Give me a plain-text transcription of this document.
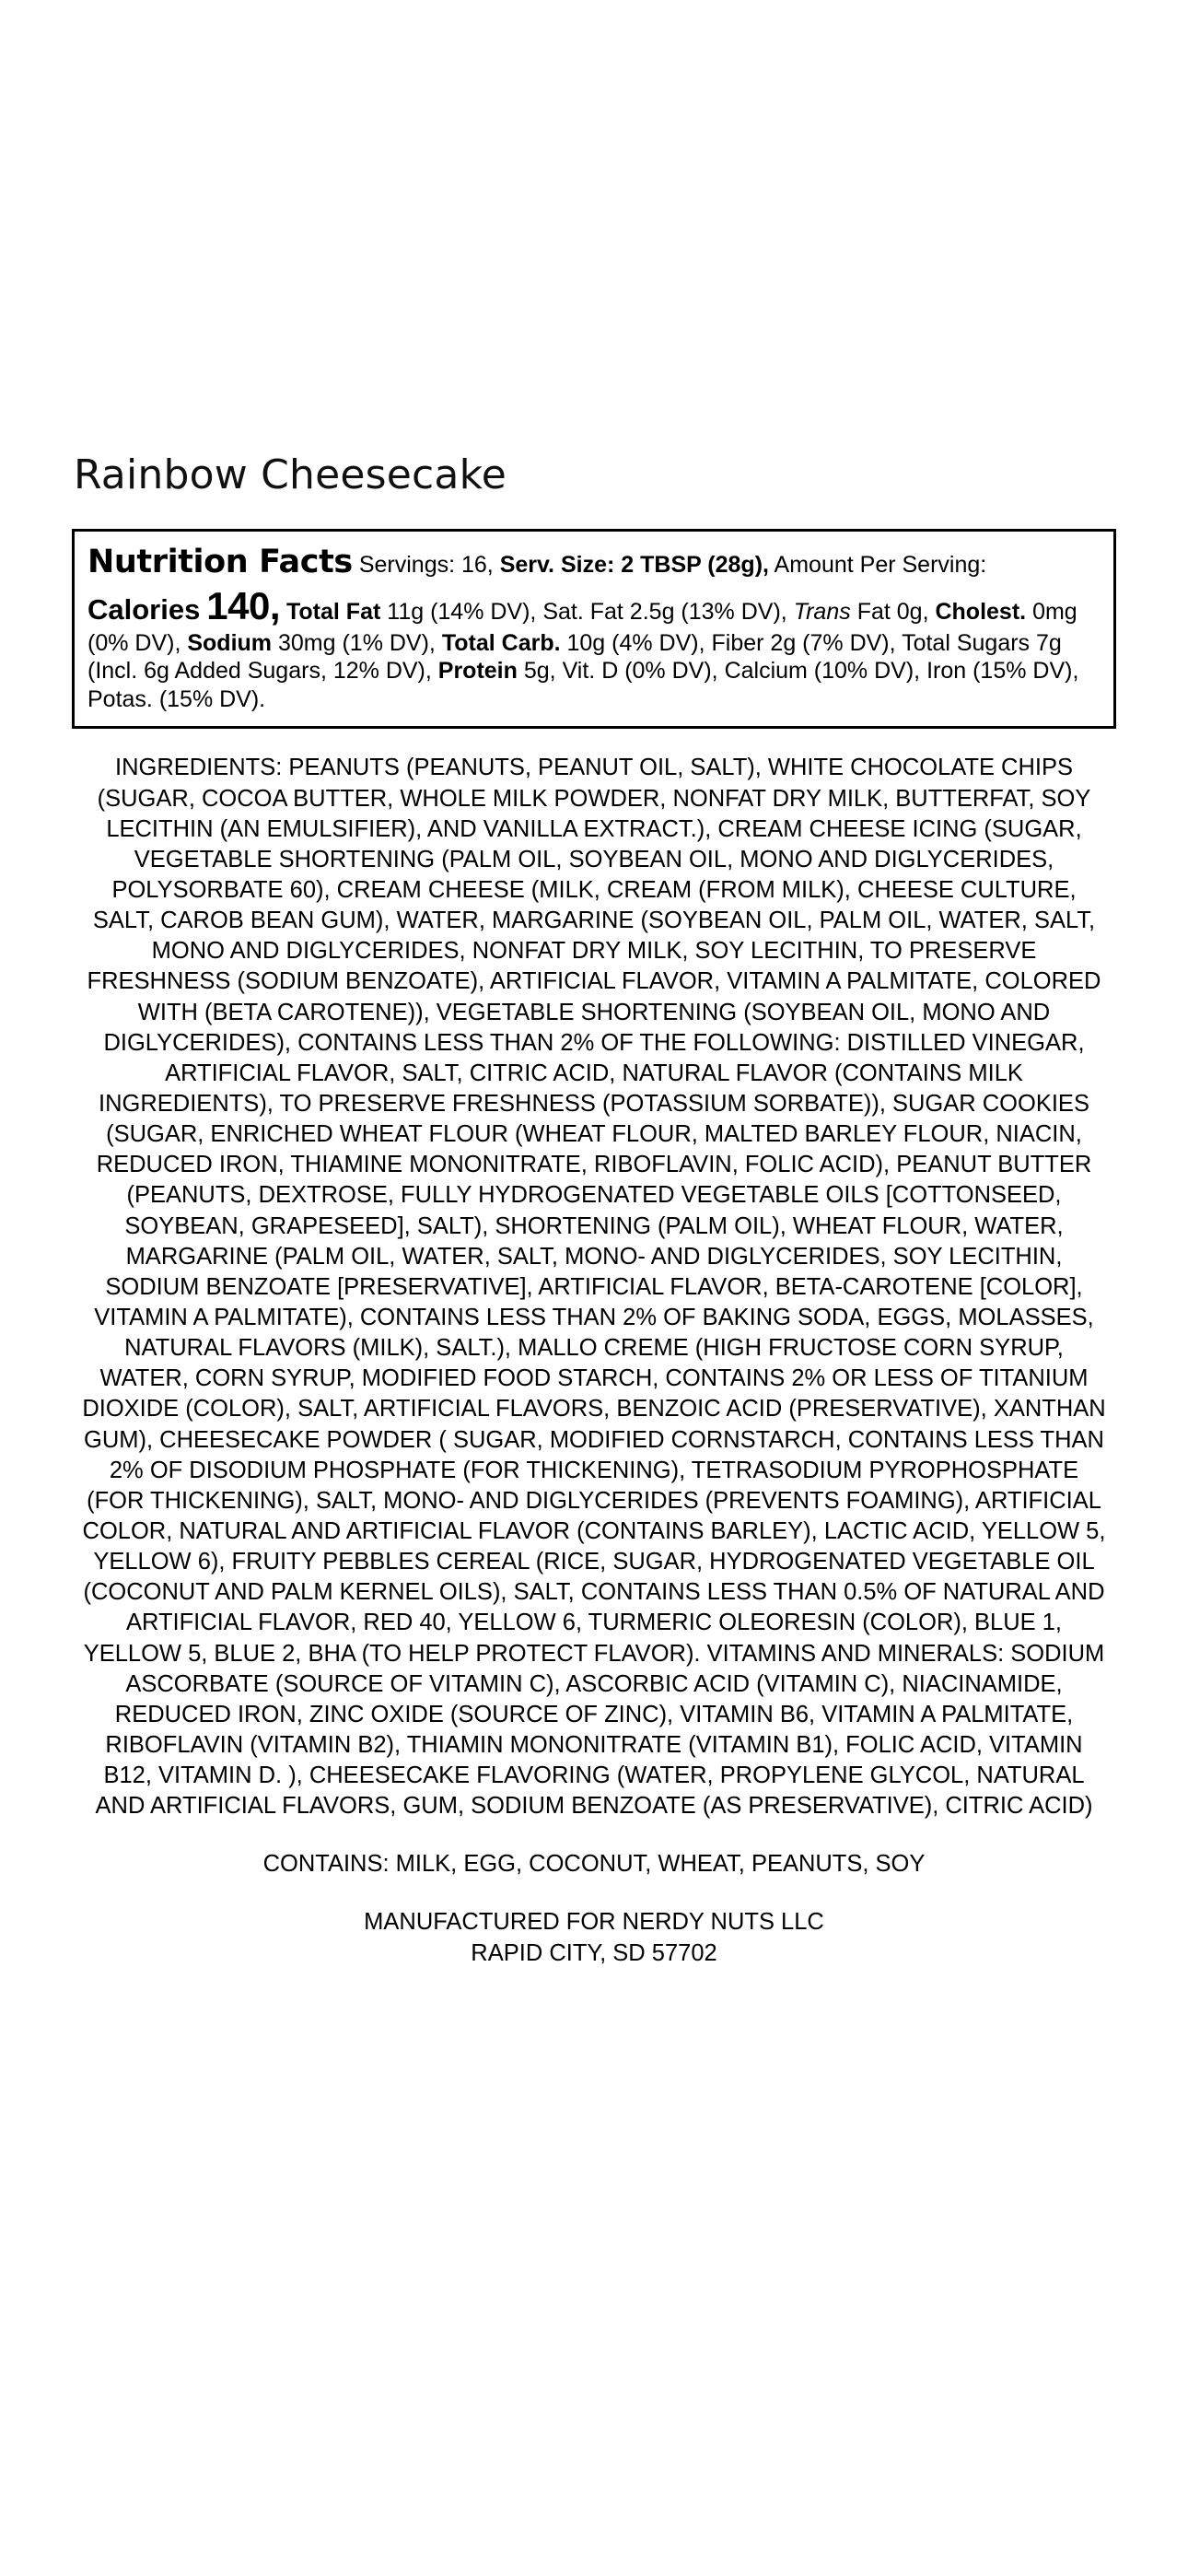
Rainbow Cheesecake

Nutrition Facts Servings: 16, Serv. Size: 2 TBSP (28g), Amount Per Serving: Calories 140, Total Fat 11g (14% DV), Sat. Fat 2.5g (13% DV), Trans Fat 0g, Cholest. 0mg (0% DV), Sodium 30mg (1% DV), Total Carb. 10g (4% DV), Fiber 2g (7% DV), Total Sugars 7g (Incl. 6g Added Sugars, 12% DV), Protein 5g, Vit. D (0% DV), Calcium (10% DV), Iron (15% DV), Potas. (15% DV).

INGREDIENTS: PEANUTS (PEANUTS, PEANUT OIL, SALT), WHITE CHOCOLATE CHIPS (SUGAR, COCOA BUTTER, WHOLE MILK POWDER, NONFAT DRY MILK, BUTTERFAT, SOY LECITHIN (AN EMULSIFIER), AND VANILLA EXTRACT.), CREAM CHEESE ICING (SUGAR, VEGETABLE SHORTENING (PALM OIL, SOYBEAN OIL, MONO AND DIGLYCERIDES, POLYSORBATE 60), CREAM CHEESE (MILK, CREAM (FROM MILK), CHEESE CULTURE, SALT, CAROB BEAN GUM), WATER, MARGARINE (SOYBEAN OIL, PALM OIL, WATER, SALT, MONO AND DIGLYCERIDES, NONFAT DRY MILK, SOY LECITHIN, TO PRESERVE FRESHNESS (SODIUM BENZOATE), ARTIFICIAL FLAVOR, VITAMIN A PALMITATE, COLORED WITH (BETA CAROTENE)), VEGETABLE SHORTENING (SOYBEAN OIL, MONO AND DIGLYCERIDES), CONTAINS LESS THAN 2% OF THE FOLLOWING: DISTILLED VINEGAR, ARTIFICIAL FLAVOR, SALT, CITRIC ACID, NATURAL FLAVOR (CONTAINS MILK INGREDIENTS), TO PRESERVE FRESHNESS (POTASSIUM SORBATE)), SUGAR COOKIES (SUGAR, ENRICHED WHEAT FLOUR (WHEAT FLOUR, MALTED BARLEY FLOUR, NIACIN, REDUCED IRON, THIAMINE MONONITRATE, RIBOFLAVIN, FOLIC ACID), PEANUT BUTTER (PEANUTS, DEXTROSE, FULLY HYDROGENATED VEGETABLE OILS [COTTONSEED, SOYBEAN, GRAPESEED], SALT), SHORTENING (PALM OIL), WHEAT FLOUR, WATER, MARGARINE (PALM OIL, WATER, SALT, MONO- AND DIGLYCERIDES, SOY LECITHIN, SODIUM BENZOATE [PRESERVATIVE], ARTIFICIAL FLAVOR, BETA-CAROTENE [COLOR], VITAMIN A PALMITATE), CONTAINS LESS THAN 2% OF BAKING SODA, EGGS, MOLASSES, NATURAL FLAVORS (MILK), SALT.), MALLO CREME (HIGH FRUCTOSE CORN SYRUP, WATER, CORN SYRUP, MODIFIED FOOD STARCH, CONTAINS 2% OR LESS OF TITANIUM DIOXIDE (COLOR), SALT, ARTIFICIAL FLAVORS, BENZOIC ACID (PRESERVATIVE), XANTHAN GUM), CHEESECAKE POWDER ( SUGAR, MODIFIED CORNSTARCH, CONTAINS LESS THAN 2% OF DISODIUM PHOSPHATE (FOR THICKENING), TETRASODIUM PYROPHOSPHATE (FOR THICKENING), SALT, MONO- AND DIGLYCERIDES (PREVENTS FOAMING), ARTIFICIAL COLOR, NATURAL AND ARTIFICIAL FLAVOR (CONTAINS BARLEY), LACTIC ACID, YELLOW 5, YELLOW 6), FRUITY PEBBLES CEREAL (RICE, SUGAR, HYDROGENATED VEGETABLE OIL (COCONUT AND PALM KERNEL OILS), SALT, CONTAINS LESS THAN 0.5% OF NATURAL AND ARTIFICIAL FLAVOR, RED 40, YELLOW 6, TURMERIC OLEORESIN (COLOR), BLUE 1, YELLOW 5, BLUE 2, BHA (TO HELP PROTECT FLAVOR). VITAMINS AND MINERALS: SODIUM ASCORBATE (SOURCE OF VITAMIN C), ASCORBIC ACID (VITAMIN C), NIACINAMIDE, REDUCED IRON, ZINC OXIDE (SOURCE OF ZINC), VITAMIN B6, VITAMIN A PALMITATE, RIBOFLAVIN (VITAMIN B2), THIAMIN MONONITRATE (VITAMIN B1), FOLIC ACID, VITAMIN B12, VITAMIN D. ), CHEESECAKE FLAVORING (WATER, PROPYLENE GLYCOL, NATURAL AND ARTIFICIAL FLAVORS, GUM, SODIUM BENZOATE (AS PRESERVATIVE), CITRIC ACID)
CONTAINS: MILK, EGG, COCONUT, WHEAT, PEANUTS, SOY
MANUFACTURED FOR NERDY NUTS LLC
RAPID CITY, SD 57702
